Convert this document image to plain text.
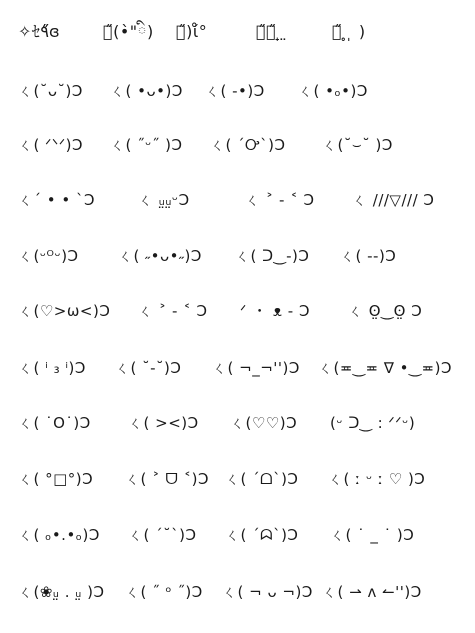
✧ｾ٩̋̋ɞ	ｾ̋(•̀"ི) ｾ̋)ί̊°	ｾ̋⸝̋ ̟ ̤	ｾ̋ ̥ ̩ )
ㄑ(˘ᴗ˘)Ɔ ㄑ( •ᴗ•)Ɔ ㄑ( -•)Ɔ ㄑ( •ₒ•)Ɔ
ㄑ( ᐟᐠᐟ)Ɔ ㄑ( ˝ᵕ˝ )Ɔ ㄑ( ´Ꭴ`)Ɔ ㄑ(˘⌣˘ )Ɔ
ㄑ´ • • `Ɔ	ㄑ ᵤ̤ᵤ̤ᵕƆ	ㄑ ˃ - ˂ Ɔ ㄑ ///▽/// Ɔ
ㄑ(ᵕᴼᵕ)Ɔ	ㄑ( ˶•ᴗ•˶)Ɔ ㄑ( ᑐ‿-)Ɔ ㄑ( --)Ɔ
ㄑ(♡>ω<)Ɔ ㄑ ˃ - ˂ Ɔ ᐟ ・ ᴥ - Ɔ	ㄑ ʘ̤‿ʘ̤ Ɔ
ㄑ( ⁱ ₃ ⁱ)Ɔ ㄑ( ˘-˘)Ɔ ㄑ( ¬_¬'')Ɔ ㄑ(≖‿≖ ∇ •‿≖)Ɔ
ㄑ( ˙O˙)Ɔ ㄑ( ><)Ɔ ㄑ(♡♡)Ɔ (ᵕ ᑐ‿ : ᐟᐟᵕ)
ㄑ( °□°)Ɔ ㄑ( ˃ ᗜ ˂)Ɔ ㄑ( ˊᗝˋ)Ɔ ㄑ( ː ᵕ ː ♡ )Ɔ
ㄑ( ₒ•.•ₒ)Ɔ ㄑ( ´˘`)Ɔ ㄑ( ´ᗣ`)Ɔ ㄑ( ˙ _ ˙ )Ɔ
ㄑ(❀ᵤ̤ . ᵤ̤ )Ɔ ㄑ( ˝ ᵒ ˝)Ɔ ㄑ( ¬ ᴗ ¬)Ɔ ㄑ( ⇀ ᴧ ↼'')Ɔ
